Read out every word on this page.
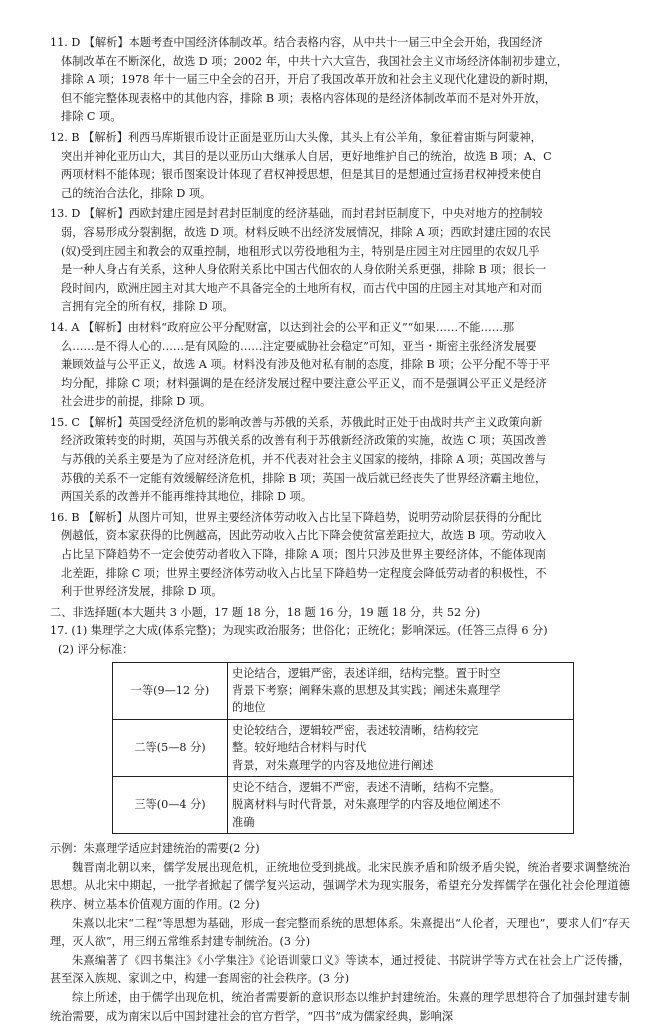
11. D 【解析】本题考查中国经济体制改革。结合表格内容，从中共十一届三中全会开始，我国经济
体制改革在不断深化，故选 D 项；2002 年，中共十六大宣告，我国社会主义市场经济体制初步建立，
排除 A 项；1978 年十一届三中全会的召开，开启了我国改革开放和社会主义现代化建设的新时期，
但不能完整体现表格中的其他内容，排除 B 项；表格内容体现的是经济体制改革而不是对外开放，
排除 C 项。
12. B 【解析】利西马库斯银币设计正面是亚历山大头像，其头上有公羊角，象征着宙斯与阿蒙神，
突出并神化亚历山大，其目的是以亚历山大继承人自居，更好地维护自己的统治，故选 B 项；A、C
两项材料不能体现；银币图案设计体现了君权神授思想，但是其目的是想通过宣扬君权神授来使自
己的统治合法化，排除 D 项。
13. D 【解析】西欧封建庄园是封君封臣制度的经济基础，而封君封臣制度下，中央对地方的控制较
弱，容易形成分裂割据，故选 D 项。材料反映不出经济发展情况，排除 A 项；西欧封建庄园的农民
(奴)受到庄园主和教会的双重控制，地租形式以劳役地租为主，特别是庄园主对庄园里的农奴几乎
是一种人身占有关系，这种人身依附关系比中国古代佃农的人身依附关系更强，排除 B 项；很长一
段时间内，欧洲庄园主对其大地产不具备完全的土地所有权，而古代中国的庄园主对其地产和对而
言拥有完全的所有权，排除 D 项。
14. A 【解析】由材料“政府应公平分配财富，以达到社会的公平和正义”“如果……不能……那
么……是不得人心的……是有风险的……注定要威胁社会稳定”可知，亚当・斯密主张经济发展要
兼顾效益与公平正义，故选 A 项。材料没有涉及他对私有制的态度，排除 B 项；公平分配不等于平
均分配，排除 C 项；材料强调的是在经济发展过程中要注意公平正义，而不是强调公平正义是经济
社会进步的前提，排除 D 项。
15. C 【解析】英国受经济危机的影响改善与苏俄的关系，苏俄此时正处于由战时共产主义政策向新
经济政策转变的时期，英国与苏俄关系的改善有利于苏俄新经济政策的实施，故选 C 项；英国改善
与苏俄的关系主要是为了应对经济危机，并不代表对社会主义国家的接纳，排除 A 项；英国改善与
苏俄的关系不一定能有效缓解经济危机，排除 B 项；英国一战后就已经丧失了世界经济霸主地位，
两国关系的改善并不能再维持其地位，排除 D 项。
16. B 【解析】从图片可知，世界主要经济体劳动收入占比呈下降趋势，说明劳动阶层获得的分配比
例越低，资本家获得的比例越高，因此劳动收入占比下降会使贫富差距拉大，故选 B 项。劳动收入
占比呈下降趋势不一定会使劳动者收入下降，排除 A 项；图片只涉及世界主要经济体，不能体现南
北差距，排除 C 项；世界主要经济体劳动收入占比呈下降趋势一定程度会降低劳动者的积极性，不
利于世界经济发展，排除 D 项。

二、非选择题(本大题共 3 小题，17 题 18 分，18 题 16 分，19 题 18 分，共 52 分)

17. (1) 集理学之大成(体系完整)；为现实政治服务；世俗化；正统化；影响深远。(任答三点得 6 分)

(2) 评分标准：

一等(9—12 分)	史论结合，逻辑严密，表述详细，结构完整。置于时空
背景下考察；阐释朱熹的思想及其实践；阐述朱熹理学
的地位

二等(5—8 分)	史论较结合，逻辑较严密，表述较清晰，结构较完
整。较好地结合材料与时代
背景，对朱熹理学的内容及地位进行阐述

三等(0—4 分)	史论不结合，逻辑不严密，表述不清晰，结构不完整。
脱离材料与时代背景，对朱熹理学的内容及地位阐述不
准确

示例：朱熹理学适应封建统治的需要(2 分)

魏晋南北朝以来，儒学发展出现危机，正统地位受到挑战。北宋民族矛盾和阶级矛盾尖锐，统治者要求调整统治思想。从北宋中期起，一批学者掀起了儒学复兴运动，强调学术为现实服务，希望充分发挥儒学在强化社会伦理道德秩序、树立基本价值观方面的作用。(2 分)

朱熹以北宋“二程”等思想为基础，形成一套完整而系统的思想体系。朱熹提出“人伦者，天理也”，要求人们“存天理，灭人欲”，用三纲五常维系封建专制统治。(3 分)

朱熹编著了《四书集注》《小学集注》《论语训蒙口义》等读本，通过授徒、书院讲学等方式在社会上广泛传播，甚至深入族规、家训之中，构建一套周密的社会秩序。(3 分)

综上所述，由于儒学出现危机，统治者需要新的意识形态以维护封建统治。朱熹的理学思想符合了加强封建专制统治需要，成为南宋以后中国封建社会的官方哲学，“四书”成为儒家经典，影响深
